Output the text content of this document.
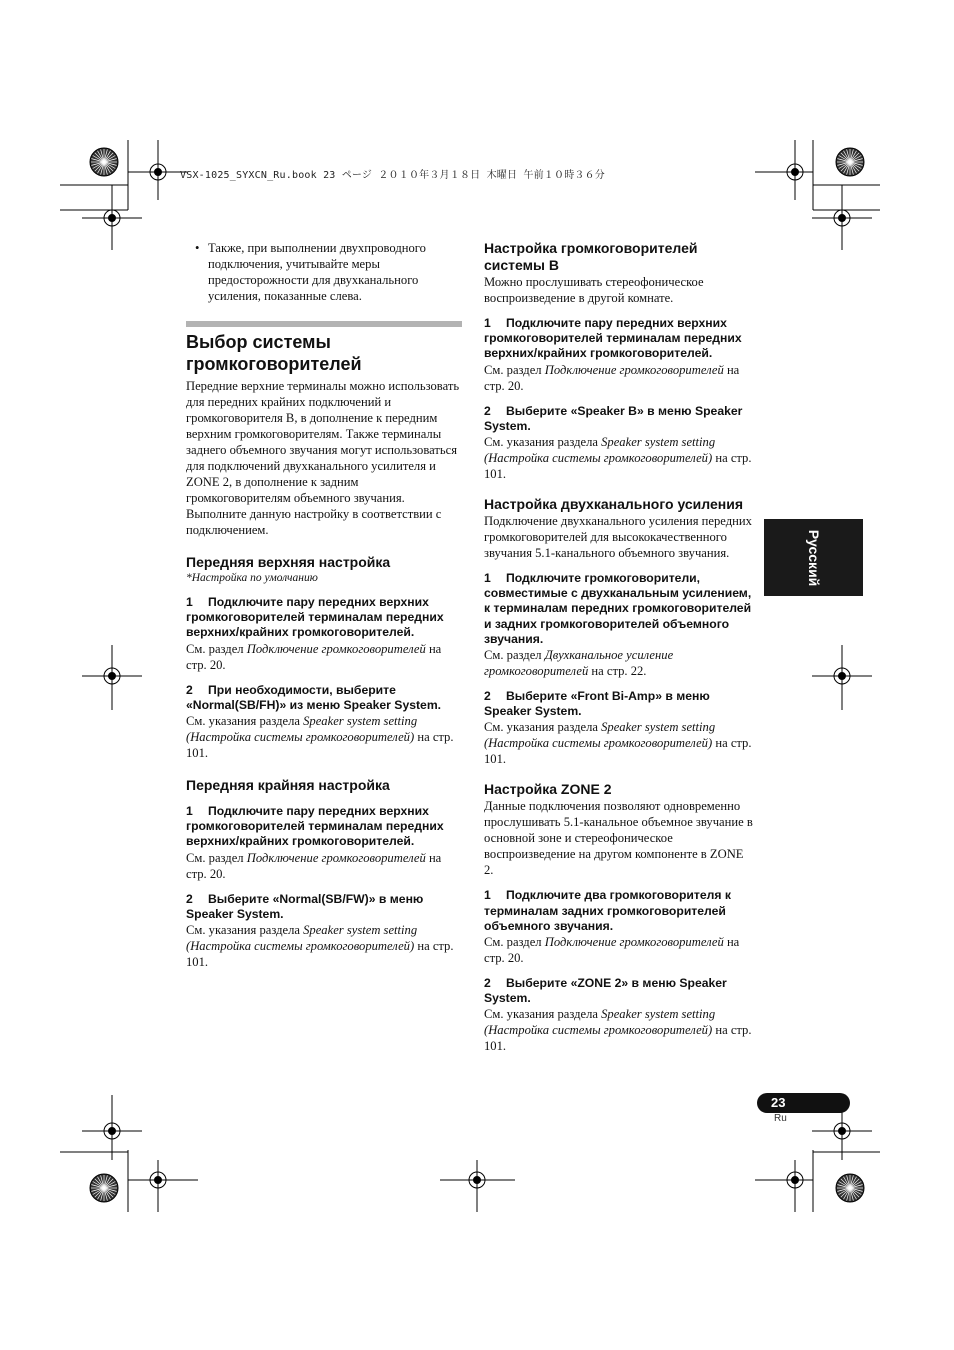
VSX-1025_SYXCN_Ru.book 23 ページ ２０１０年３月１８日 木曜日 午前１０時３６分
• Также, при выполнении двухпроводного подключения, учитывайте меры предосторожности для двухканального усиления, показанные слева.
Выбор системы
громкоговорителей

Передние верхние терминалы можно использовать для передних крайних подключений и громкоговорителя B, в дополнение к передним верхним громкоговорителям. Также терминалы заднего объемного звучания могут использоваться для подключений двухканального усилителя и ZONE 2, в дополнение к задним громкоговорителям объемного звучания. Выполните данную настройку в соответствии с подключением.

Передняя верхняя настройка

*Настройка по умолчанию

1 Подключите пару передних верхних громкоговорителей терминалам передних верхних/крайних громкоговорителей.

См. раздел Подключение громкоговорителей на стр. 20.

2 При необходимости, выберите «Normal(SB/FH)» из меню Speaker System.

См. указания раздела Speaker system setting (Настройка системы громкоговорителей) на стр. 101.

Передняя крайняя настройка

1 Подключите пару передних верхних громкоговорителей терминалам передних верхних/крайних громкоговорителей.

См. раздел Подключение громкоговорителей на стр. 20.

2 Выберите «Normal(SB/FW)» в меню Speaker System.

См. указания раздела Speaker system setting (Настройка системы громкоговорителей) на стр. 101.

Настройка громкоговорителей системы B

Можно прослушивать стереофоническое воспроизведение в другой комнате.

1 Подключите пару передних верхних громкоговорителей терминалам передних верхних/крайних громкоговорителей.

См. раздел Подключение громкоговорителей на стр. 20.

2 Выберите «Speaker B» в меню Speaker System.

См. указания раздела Speaker system setting (Настройка системы громкоговорителей) на стр. 101.

Настройка двухканального усиления

Подключение двухканального усиления передних громкоговорителей для высококачественного звучания 5.1-канального объемного звучания.

1 Подключите громкоговорители, совместимые с двухканальным усилением, к терминалам передних громкоговорителей и задних громкоговорителей объемного звучания.

См. раздел Двухканальное усиление громкоговорителей на стр. 22.

2 Выберите «Front Bi-Amp» в меню Speaker System.

См. указания раздела Speaker system setting (Настройка системы громкоговорителей) на стр. 101.

Настройка ZONE 2

Данные подключения позволяют одновременно прослушивать 5.1-канальное объемное звучание в основной зоне и стереофоническое воспроизведение на другом компоненте в ZONE 2.

1 Подключите два громкоговорителя к терминалам задних громкоговорителей объемного звучания.

См. раздел Подключение громкоговорителей на стр. 20.

2 Выберите «ZONE 2» в меню Speaker System.

См. указания раздела Speaker system setting (Настройка системы громкоговорителей) на стр. 101.

Русский
23
Ru
